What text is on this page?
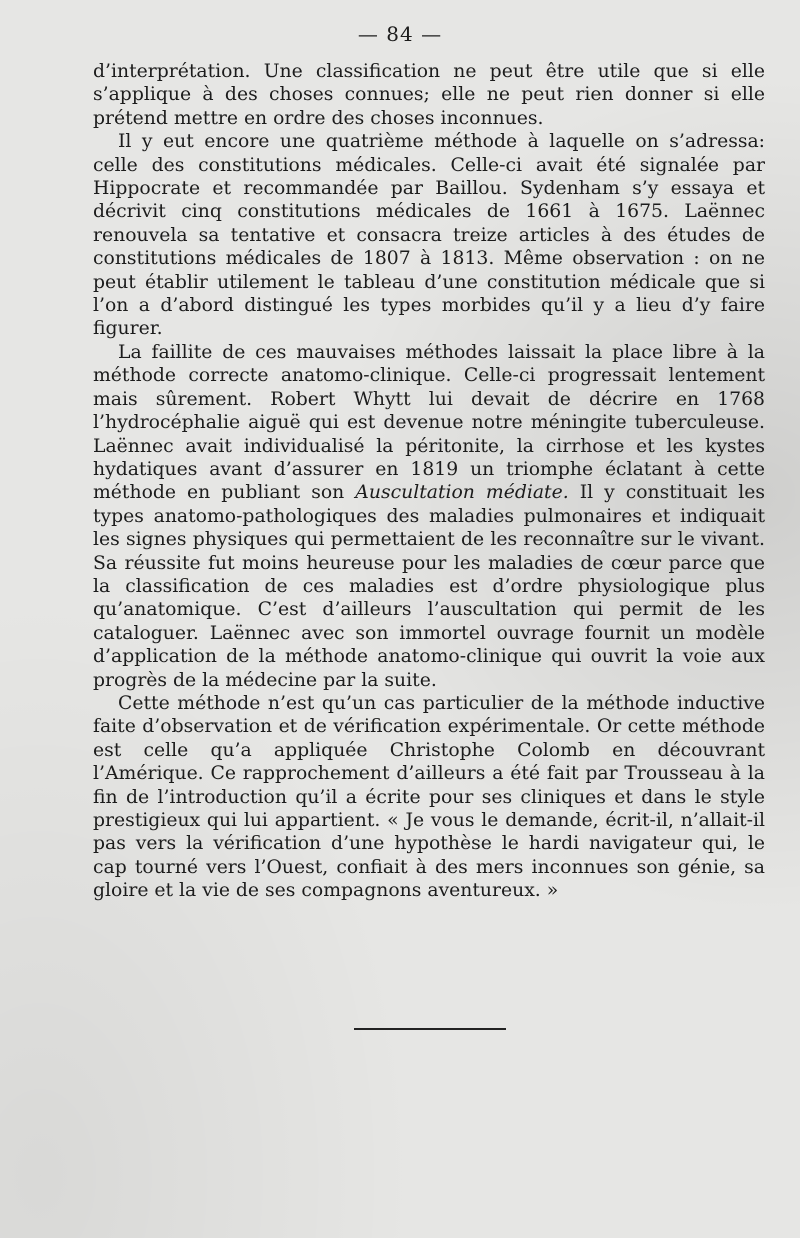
— 84 —

d’interprétation. Une classification ne peut être utile que si elle s’applique à des choses connues; elle ne peut rien donner si elle prétend mettre en ordre des choses inconnues.

Il y eut encore une quatrième méthode à laquelle on s’adressa: celle des constitutions médicales. Celle-ci avait été signalée par Hippocrate et recommandée par Baillou. Sydenham s’y essaya et décrivit cinq constitutions médicales de 1661 à 1675. Laënnec renouvela sa tentative et consacra treize articles à des études de constitutions médicales de 1807 à 1813. Même observation : on ne peut établir utilement le tableau d’une constitution médicale que si l’on a d’abord distingué les types morbides qu’il y a lieu d’y faire figurer.

La faillite de ces mauvaises méthodes laissait la place libre à la méthode correcte anatomo-clinique. Celle-ci progressait lentement mais sûrement. Robert Whytt lui devait de décrire en 1768 l’hydrocéphalie aiguë qui est devenue notre méningite tuberculeuse. Laënnec avait individualisé la péritonite, la cirrhose et les kystes hydatiques avant d’assurer en 1819 un triomphe éclatant à cette méthode en publiant son Auscultation médiate. Il y constituait les types anatomo-pathologiques des maladies pulmonaires et indiquait les signes physiques qui permettaient de les reconnaître sur le vivant. Sa réussite fut moins heureuse pour les maladies de cœur parce que la classification de ces maladies est d’ordre physiologique plus qu’anatomique. C’est d’ailleurs l’auscultation qui permit de les cataloguer. Laënnec avec son immortel ouvrage fournit un modèle d’application de la méthode anatomo-clinique qui ouvrit la voie aux progrès de la médecine par la suite.

Cette méthode n’est qu’un cas particulier de la méthode inductive faite d’observation et de vérification expérimentale. Or cette méthode est celle qu’a appliquée Christophe Colomb en découvrant l’Amérique. Ce rapprochement d’ailleurs a été fait par Trousseau à la fin de l’introduction qu’il a écrite pour ses cliniques et dans le style prestigieux qui lui appartient. « Je vous le demande, écrit-il, n’allait-il pas vers la vérification d’une hypothèse le hardi navigateur qui, le cap tourné vers l’Ouest, confiait à des mers inconnues son génie, sa gloire et la vie de ses compagnons aventureux. »
